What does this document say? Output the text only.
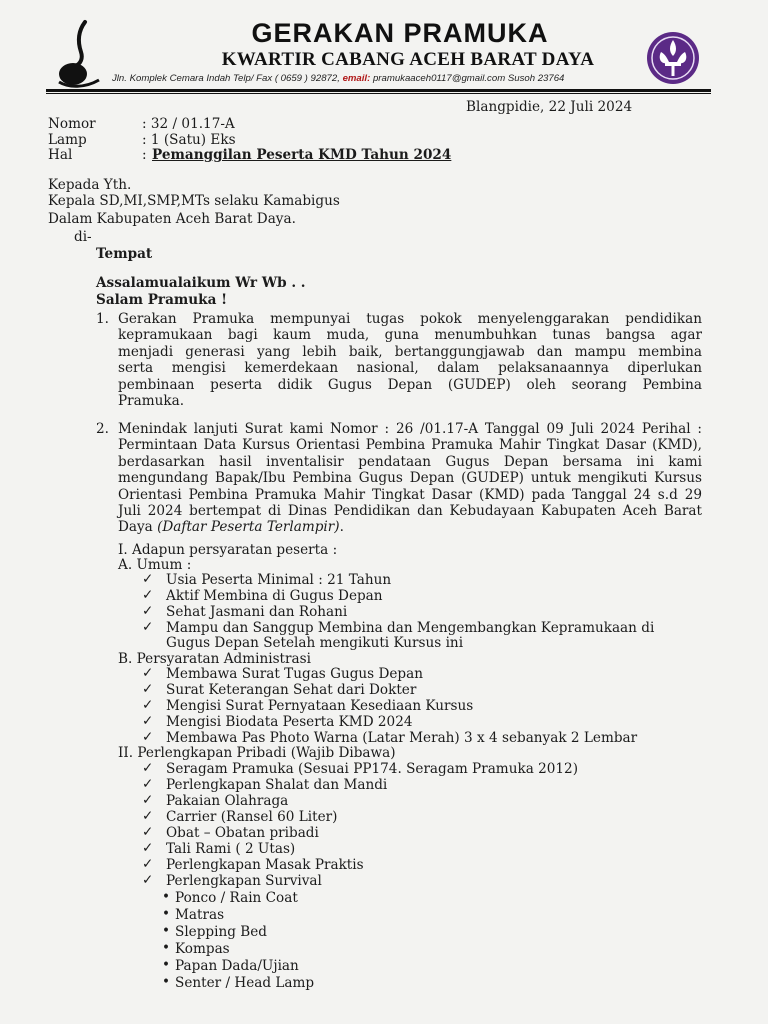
GERAKAN PRAMUKA
KWARTIR CABANG ACEH BARAT DAYA
Jln. Komplek Cemara Indah Telp/ Fax ( 0659 ) 92872, email: pramukaaceh0117@gmail.com Susoh 23764
Blangpidie, 22 Juli 2024
Nomor	: 32 / 01.17-A
Lamp	: 1 (Satu) Eks
Hal	: Pemanggilan Peserta KMD Tahun 2024
Kepada Yth.
Kepala SD,MI,SMP,MTs selaku Kamabigus
Dalam Kabupaten Aceh Barat Daya.
di-
Tempat
Assalamualaikum Wr Wb . .
Salam Pramuka !
1. Gerakan Pramuka mempunyai tugas pokok menyelenggarakan pendidikan
kepramukaan bagi kaum muda, guna menumbuhkan tunas bangsa agar
menjadi generasi yang lebih baik, bertanggungjawab dan mampu membina
serta mengisi kemerdekaan nasional, dalam pelaksanaannya diperlukan
pembinaan peserta didik Gugus Depan (GUDEP) oleh seorang Pembina
Pramuka.
2. Menindak lanjuti Surat kami Nomor : 26 /01.17-A Tanggal 09 Juli 2024 Perihal :
Permintaan Data Kursus Orientasi Pembina Pramuka Mahir Tingkat Dasar (KMD),
berdasarkan hasil inventalisir pendataan Gugus Depan bersama ini kami
mengundang Bapak/Ibu Pembina Gugus Depan (GUDEP) untuk mengikuti Kursus
Orientasi Pembina Pramuka Mahir Tingkat Dasar (KMD) pada Tanggal 24 s.d 29
Juli 2024 bertempat di Dinas Pendidikan dan Kebudayaan Kabupaten Aceh Barat
Daya (Daftar Peserta Terlampir).
I. Adapun persyaratan peserta :
A. Umum :
✓ Usia Peserta Minimal : 21 Tahun
✓ Aktif Membina di Gugus Depan
✓ Sehat Jasmani dan Rohani
✓ Mampu dan Sanggup Membina dan Mengembangkan Kepramukaan di
Gugus Depan Setelah mengikuti Kursus ini
B. Persyaratan Administrasi
✓ Membawa Surat Tugas Gugus Depan
✓ Surat Keterangan Sehat dari Dokter
✓ Mengisi Surat Pernyataan Kesediaan Kursus
✓ Mengisi Biodata Peserta KMD 2024
✓ Membawa Pas Photo Warna (Latar Merah) 3 x 4 sebanyak 2 Lembar
II. Perlengkapan Pribadi (Wajib Dibawa)
✓ Seragam Pramuka (Sesuai PP174. Seragam Pramuka 2012)
✓ Perlengkapan Shalat dan Mandi
✓ Pakaian Olahraga
✓ Carrier (Ransel 60 Liter)
✓ Obat – Obatan pribadi
✓ Tali Rami ( 2 Utas)
✓ Perlengkapan Masak Praktis
✓ Perlengkapan Survival
• Ponco / Rain Coat
• Matras
• Slepping Bed
• Kompas
• Papan Dada/Ujian
• Senter / Head Lamp
